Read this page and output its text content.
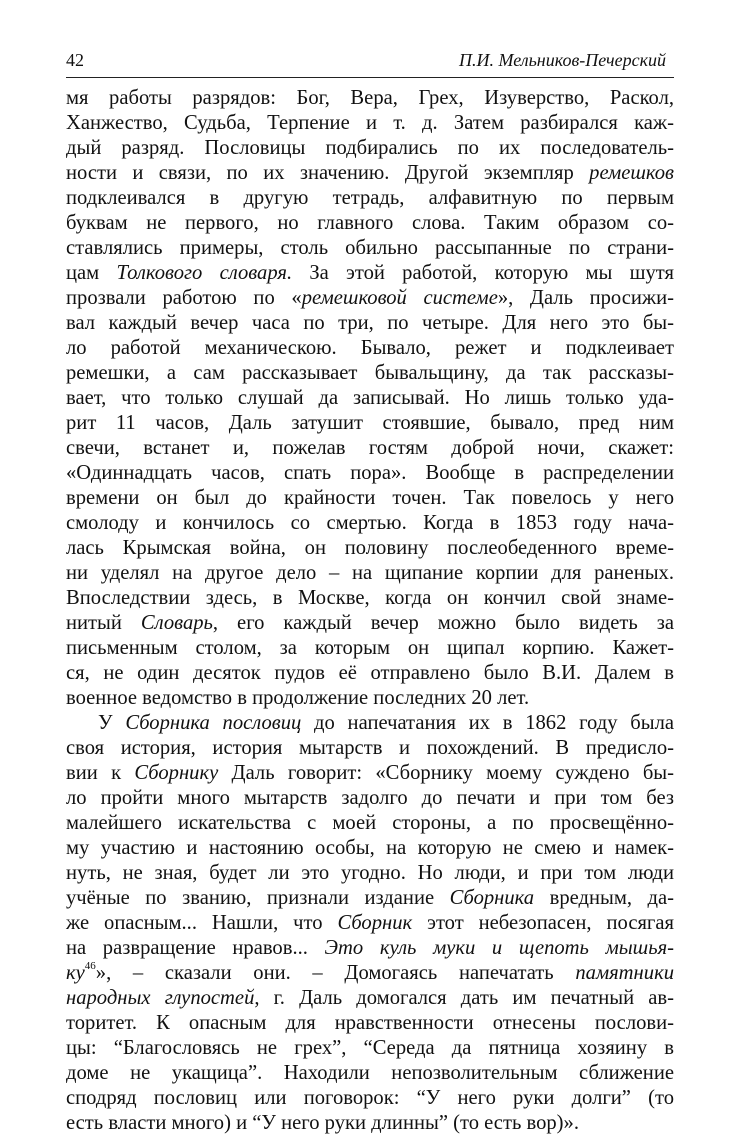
42	П.И. Мельников-Печерский
мя работы разрядов: Бог, Вера, Грех, Изуверство, Раскол,
Ханжество, Судьба, Терпение и т. д. Затем разбирался каж-
дый разряд. Пословицы подбирались по их последователь-
ности и связи, по их значению. Другой экземпляр ремешков
подклеивался в другую тетрадь, алфавитную по первым
буквам не первого, но главного слова. Таким образом со-
ставлялись примеры, столь обильно рассыпанные по страни-
цам Толкового словаря. За этой работой, которую мы шутя
прозвали работою по «ремешковой системе», Даль просижи-
вал каждый вечер часа по три, по четыре. Для него это бы-
ло работой механическою. Бывало, режет и подклеивает
ремешки, а сам рассказывает бывальщину, да так рассказы-
вает, что только слушай да записывай. Но лишь только уда-
рит 11 часов, Даль затушит стоявшие, бывало, пред ним
свечи, встанет и, пожелав гостям доброй ночи, скажет:
«Одиннадцать часов, спать пора». Вообще в распределении
времени он был до крайности точен. Так повелось у него
смолоду и кончилось со смертью. Когда в 1853 году нача-
лась Крымская война, он половину послеобеденного време-
ни уделял на другое дело – на щипание корпии для раненых.
Впоследствии здесь, в Москве, когда он кончил свой знаме-
нитый Словарь, его каждый вечер можно было видеть за
письменным столом, за которым он щипал корпию. Кажет-
ся, не один десяток пудов её отправлено было В.И. Далем в
военное ведомство в продолжение последних 20 лет.
У Сборника пословиц до напечатания их в 1862 году была
своя история, история мытарств и похождений. В предисло-
вии к Сборнику Даль говорит: «Сборнику моему суждено бы-
ло пройти много мытарств задолго до печати и при том без
малейшего искательства с моей стороны, а по просвещённо-
му участию и настоянию особы, на которую не смею и намек-
нуть, не зная, будет ли это угодно. Но люди, и при том люди
учёные по званию, признали издание Сборника вредным, да-
же опасным... Нашли, что Сборник этот небезопасен, посягая
на развращение нравов... Это куль муки и щепоть мышья-
$ку^{46}$», – сказали они. – Домогаясь напечатать памятники
народных глупостей, г. Даль домогался дать им печатный ав-
торитет. К опасным для нравственности отнесены послови-
цы: “Благословясь не грех”, “Середа да пятница хозяину в
доме не укащица”. Находили непозволительным сближение
сподряд пословиц или поговорок: “У него руки долги” (то
есть власти много) и “У него руки длинны” (то есть вор)».
